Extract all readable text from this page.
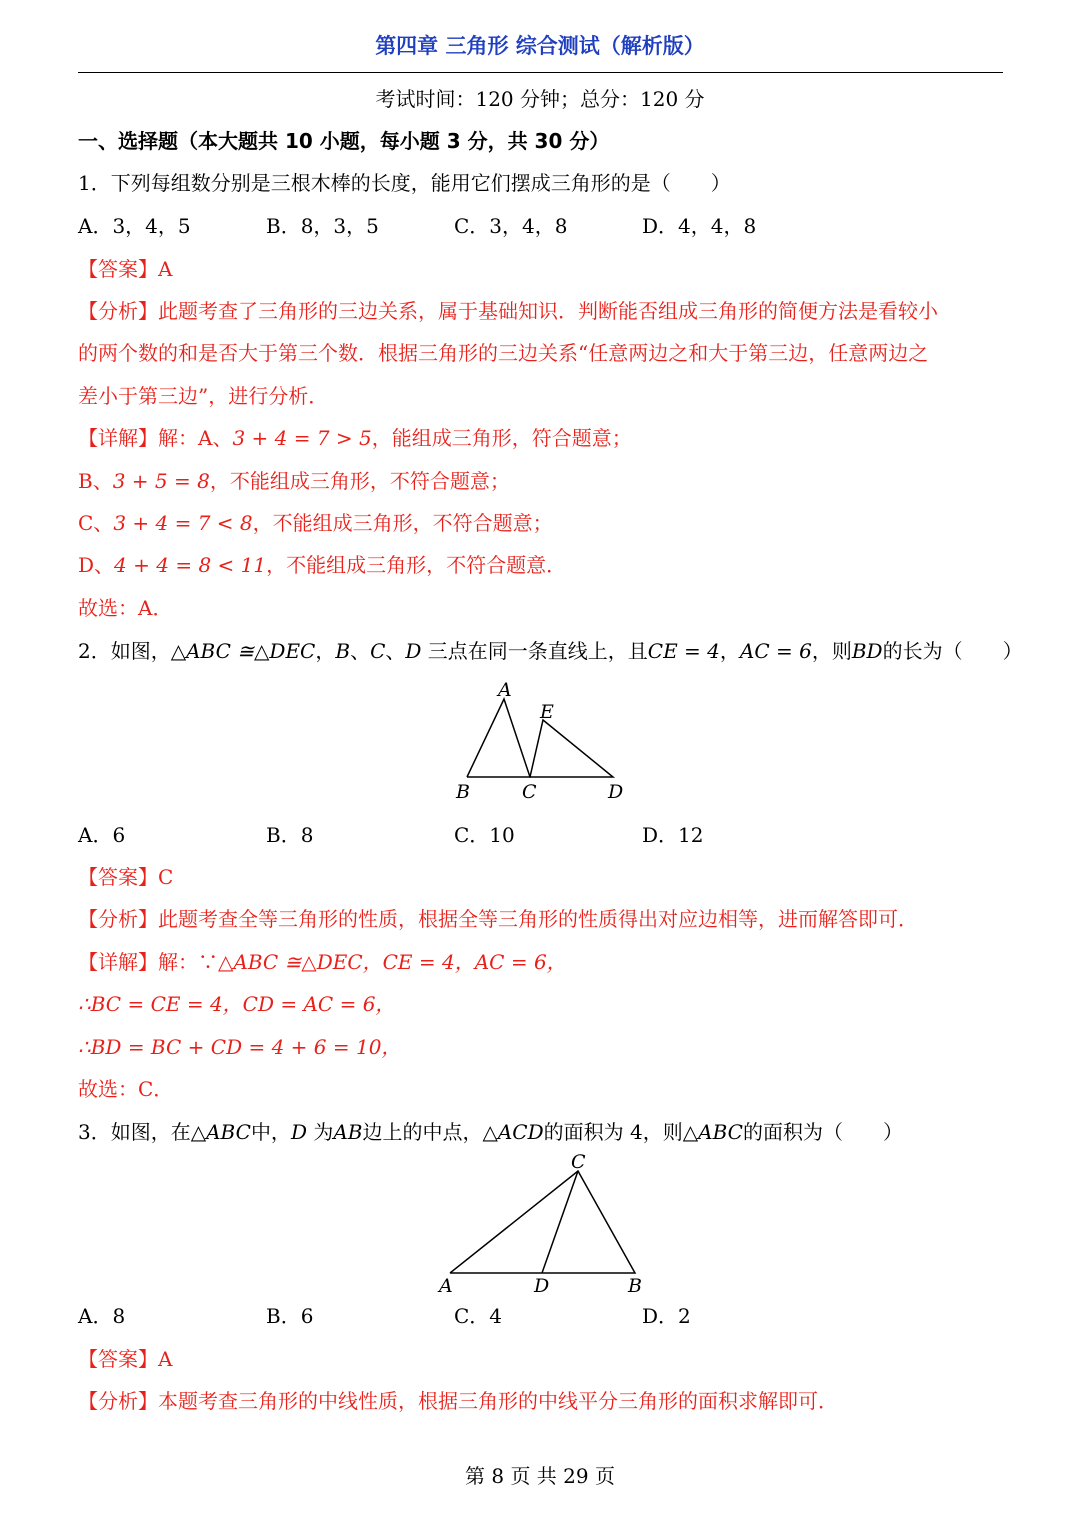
第四章 三角形 综合测试（解析版）
考试时间：120 分钟；总分：120 分
一、选择题（本大题共 10 小题，每小题 3 分，共 30 分）
1．下列每组数分别是三根木棒的长度，能用它们摆成三角形的是（　　）
A．3，4，5	B．8，3，5	C．3，4，8	D．4，4，8
【答案】A
【分析】此题考查了三角形的三边关系，属于基础知识．判断能否组成三角形的简便方法是看较小
的两个数的和是否大于第三个数．根据三角形的三边关系“任意两边之和大于第三边，任意两边之
差小于第三边”，进行分析．
【详解】解：A、3 + 4 = 7 > 5，能组成三角形，符合题意；
B、3 + 5 = 8，不能组成三角形，不符合题意；
C、3 + 4 = 7 < 8，不能组成三角形，不符合题意；
D、4 + 4 = 8 < 11，不能组成三角形，不符合题意．
故选：A．
2．如图，△ABC ≅△DEC，B、C、D 三点在同一条直线上，且CE = 4，AC = 6，则BD的长为（　　）
A
E
B	C	D
A．6	B．8	C．10	D．12
【答案】C
【分析】此题考查全等三角形的性质，根据全等三角形的性质得出对应边相等，进而解答即可．
【详解】解：∵△ABC ≅△DEC，CE = 4，AC = 6，
∴BC = CE = 4，CD = AC = 6，
∴BD = BC + CD = 4 + 6 = 10，
故选：C．
3．如图，在△ABC中，D 为AB边上的中点，△ACD的面积为 4，则△ABC的面积为（　　）
C
A	D	B
A．8	B．6	C．4	D．2
【答案】A
【分析】本题考查三角形的中线性质，根据三角形的中线平分三角形的面积求解即可．
第 8 页 共 29 页
